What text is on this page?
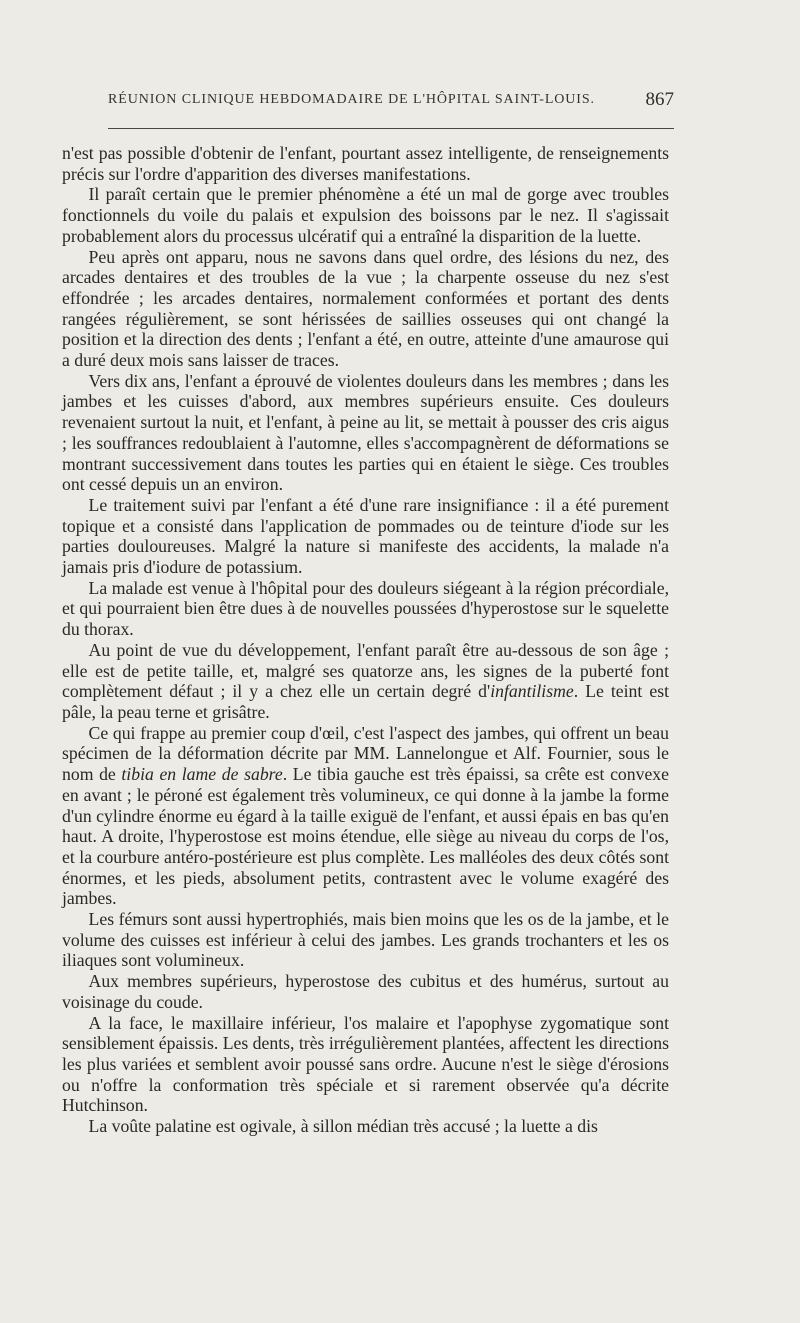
RÉUNION CLINIQUE HEBDOMADAIRE DE L'HÔPITAL SAINT-LOUIS.	867

n'est pas possible d'obtenir de l'enfant, pourtant assez intelligente, de renseignements précis sur l'ordre d'apparition des diverses manifestations.

Il paraît certain que le premier phénomène a été un mal de gorge avec troubles fonctionnels du voile du palais et expulsion des boissons par le nez. Il s'agissait probablement alors du processus ulcératif qui a entraîné la disparition de la luette.

Peu après ont apparu, nous ne savons dans quel ordre, des lésions du nez, des arcades dentaires et des troubles de la vue ; la charpente osseuse du nez s'est effondrée ; les arcades dentaires, normalement conformées et portant des dents rangées régulièrement, se sont hérissées de saillies osseuses qui ont changé la position et la direction des dents ; l'enfant a été, en outre, atteinte d'une amaurose qui a duré deux mois sans laisser de traces.

Vers dix ans, l'enfant a éprouvé de violentes douleurs dans les membres ; dans les jambes et les cuisses d'abord, aux membres supérieurs ensuite. Ces douleurs revenaient surtout la nuit, et l'enfant, à peine au lit, se mettait à pousser des cris aigus ; les souffrances redoublaient à l'automne, elles s'accompagnèrent de déformations se montrant successivement dans toutes les parties qui en étaient le siège. Ces troubles ont cessé depuis un an environ.

Le traitement suivi par l'enfant a été d'une rare insignifiance : il a été purement topique et a consisté dans l'application de pommades ou de teinture d'iode sur les parties douloureuses. Malgré la nature si manifeste des accidents, la malade n'a jamais pris d'iodure de potassium.

La malade est venue à l'hôpital pour des douleurs siégeant à la région précordiale, et qui pourraient bien être dues à de nouvelles poussées d'hyperostose sur le squelette du thorax.

Au point de vue du développement, l'enfant paraît être au-dessous de son âge ; elle est de petite taille, et, malgré ses quatorze ans, les signes de la puberté font complètement défaut ; il y a chez elle un certain degré d'infantilisme. Le teint est pâle, la peau terne et grisâtre.

Ce qui frappe au premier coup d'œil, c'est l'aspect des jambes, qui offrent un beau spécimen de la déformation décrite par MM. Lannelongue et Alf. Fournier, sous le nom de tibia en lame de sabre. Le tibia gauche est très épaissi, sa crête est convexe en avant ; le péroné est également très volumineux, ce qui donne à la jambe la forme d'un cylindre énorme eu égard à la taille exiguë de l'enfant, et aussi épais en bas qu'en haut. A droite, l'hyperostose est moins étendue, elle siège au niveau du corps de l'os, et la courbure antéro-postérieure est plus complète. Les malléoles des deux côtés sont énormes, et les pieds, absolument petits, contrastent avec le volume exagéré des jambes.

Les fémurs sont aussi hypertrophiés, mais bien moins que les os de la jambe, et le volume des cuisses est inférieur à celui des jambes. Les grands trochanters et les os iliaques sont volumineux.

Aux membres supérieurs, hyperostose des cubitus et des humérus, surtout au voisinage du coude.

A la face, le maxillaire inférieur, l'os malaire et l'apophyse zygomatique sont sensiblement épaissis. Les dents, très irrégulièrement plantées, affectent les directions les plus variées et semblent avoir poussé sans ordre. Aucune n'est le siège d'érosions ou n'offre la conformation très spéciale et si rarement observée qu'a décrite Hutchinson.

La voûte palatine est ogivale, à sillon médian très accusé ; la luette a dis
